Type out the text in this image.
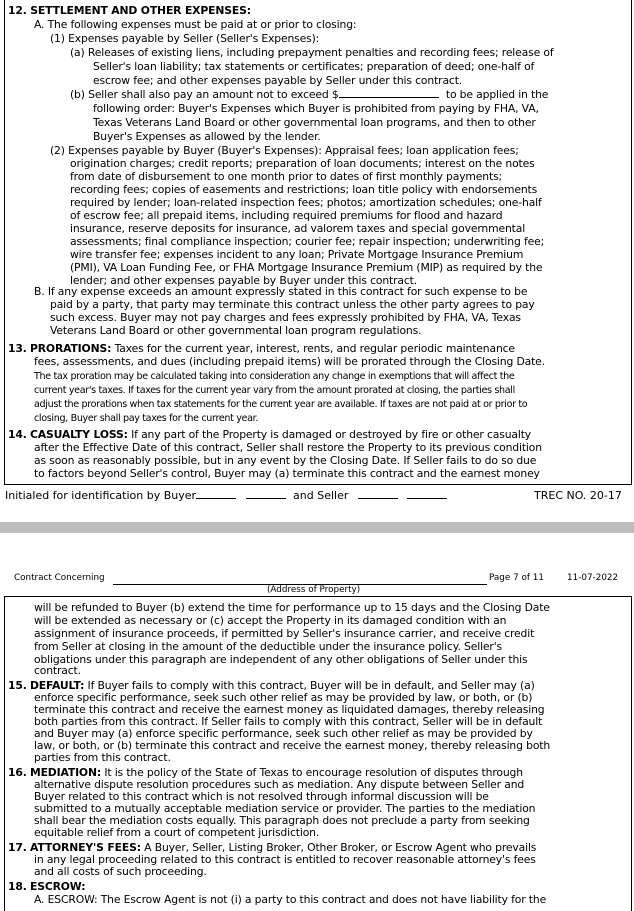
12. SETTLEMENT AND OTHER EXPENSES:
A. The following expenses must be paid at or prior to closing:
(1) Expenses payable by Seller (Seller's Expenses):
(a) Releases of existing liens, including prepayment penalties and recording fees; release of
Seller's loan liability; tax statements or certificates; preparation of deed; one-half of
escrow fee; and other expenses payable by Seller under this contract.
(b) Seller shall also pay an amount not to exceed $	to be applied in the
following order: Buyer's Expenses which Buyer is prohibited from paying by FHA, VA,
Texas Veterans Land Board or other governmental loan programs, and then to other
Buyer's Expenses as allowed by the lender.
(2) Expenses payable by Buyer (Buyer's Expenses): Appraisal fees; loan application fees;
origination charges; credit reports; preparation of loan documents; interest on the notes
from date of disbursement to one month prior to dates of first monthly payments;
recording fees; copies of easements and restrictions; loan title policy with endorsements
required by lender; loan-related inspection fees; photos; amortization schedules; one-half
of escrow fee; all prepaid items, including required premiums for flood and hazard
insurance, reserve deposits for insurance, ad valorem taxes and special governmental
assessments; final compliance inspection; courier fee; repair inspection; underwriting fee;
wire transfer fee; expenses incident to any loan; Private Mortgage Insurance Premium
(PMI), VA Loan Funding Fee, or FHA Mortgage Insurance Premium (MIP) as required by the
lender; and other expenses payable by Buyer under this contract.
B. If any expense exceeds an amount expressly stated in this contract for such expense to be
paid by a party, that party may terminate this contract unless the other party agrees to pay
such excess. Buyer may not pay charges and fees expressly prohibited by FHA, VA, Texas
Veterans Land Board or other governmental loan program regulations.
13. PRORATIONS: Taxes for the current year, interest, rents, and regular periodic maintenance
fees, assessments, and dues (including prepaid items) will be prorated through the Closing Date.
The tax proration may be calculated taking into consideration any change in exemptions that will affect the
current year's taxes. If taxes for the current year vary from the amount prorated at closing, the parties shall
adjust the prorations when tax statements for the current year are available. If taxes are not paid at or prior to
closing, Buyer shall pay taxes for the current year.
14. CASUALTY LOSS: If any part of the Property is damaged or destroyed by fire or other casualty
after the Effective Date of this contract, Seller shall restore the Property to its previous condition
as soon as reasonably possible, but in any event by the Closing Date. If Seller fails to do so due
to factors beyond Seller's control, Buyer may (a) terminate this contract and the earnest money
Initialed for identification by Buyer	and Seller	TREC NO. 20-17
Contract Concerning
(Address of Property)
Page 7 of 11	11-07-2022
will be refunded to Buyer (b) extend the time for performance up to 15 days and the Closing Date
will be extended as necessary or (c) accept the Property in its damaged condition with an
assignment of insurance proceeds, if permitted by Seller's insurance carrier, and receive credit
from Seller at closing in the amount of the deductible under the insurance policy. Seller's
obligations under this paragraph are independent of any other obligations of Seller under this
contract.
15. DEFAULT: If Buyer fails to comply with this contract, Buyer will be in default, and Seller may (a)
enforce specific performance, seek such other relief as may be provided by law, or both, or (b)
terminate this contract and receive the earnest money as liquidated damages, thereby releasing
both parties from this contract. If Seller fails to comply with this contract, Seller will be in default
and Buyer may (a) enforce specific performance, seek such other relief as may be provided by
law, or both, or (b) terminate this contract and receive the earnest money, thereby releasing both
parties from this contract.
16. MEDIATION: It is the policy of the State of Texas to encourage resolution of disputes through
alternative dispute resolution procedures such as mediation. Any dispute between Seller and
Buyer related to this contract which is not resolved through informal discussion will be
submitted to a mutually acceptable mediation service or provider. The parties to the mediation
shall bear the mediation costs equally. This paragraph does not preclude a party from seeking
equitable relief from a court of competent jurisdiction.
17. ATTORNEY'S FEES: A Buyer, Seller, Listing Broker, Other Broker, or Escrow Agent who prevails
in any legal proceeding related to this contract is entitled to recover reasonable attorney's fees
and all costs of such proceeding.
18. ESCROW:
A. ESCROW: The Escrow Agent is not (i) a party to this contract and does not have liability for the
